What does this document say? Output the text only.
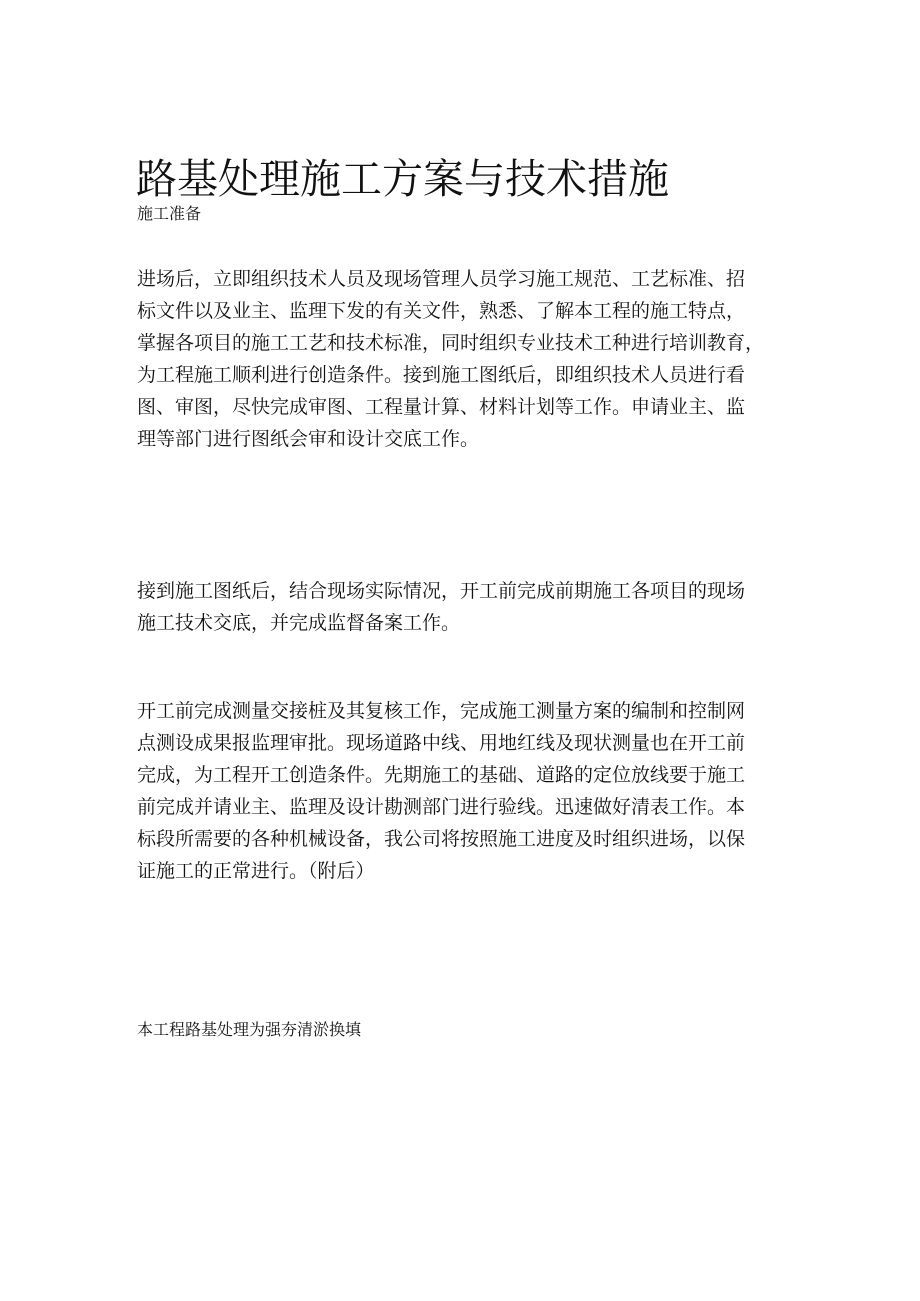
路基处理施工方案与技术措施
施工准备
进场后，立即组织技术人员及现场管理人员学习施工规范、工艺标准、招
标文件以及业主、监理下发的有关文件，熟悉、了解本工程的施工特点，
掌握各项目的施工工艺和技术标准，同时组织专业技术工种进行培训教育，
为工程施工顺利进行创造条件。接到施工图纸后，即组织技术人员进行看
图、审图，尽快完成审图、工程量计算、材料计划等工作。申请业主、监
理等部门进行图纸会审和设计交底工作。
接到施工图纸后，结合现场实际情况，开工前完成前期施工各项目的现场
施工技术交底，并完成监督备案工作。
开工前完成测量交接桩及其复核工作，完成施工测量方案的编制和控制网
点测设成果报监理审批。现场道路中线、用地红线及现状测量也在开工前
完成，为工程开工创造条件。先期施工的基础、道路的定位放线要于施工
前完成并请业主、监理及设计勘测部门进行验线。迅速做好清表工作。本
标段所需要的各种机械设备，我公司将按照施工进度及时组织进场，以保
证施工的正常进行。（附后）
本工程路基处理为强夯清淤换填
